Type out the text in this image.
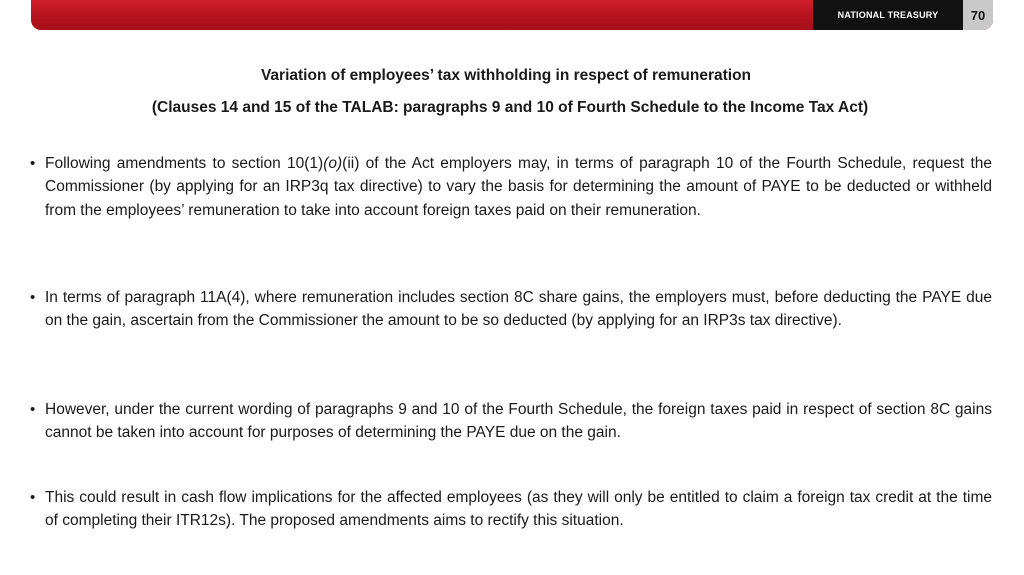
NATIONAL TREASURY	70
Variation of employees’ tax withholding in respect of remuneration
(Clauses 14 and 15 of the TALAB: paragraphs 9 and 10 of Fourth Schedule to the Income Tax Act)
• Following amendments to section 10(1)(o)(ii) of the Act employers may, in terms of paragraph 10 of the Fourth Schedule, request the Commissioner (by applying for an IRP3q tax directive) to vary the basis for determining the amount of PAYE to be deducted or withheld from the employees’ remuneration to take into account foreign taxes paid on their remuneration.
• In terms of paragraph 11A(4), where remuneration includes section 8C share gains, the employers must, before deducting the PAYE due on the gain, ascertain from the Commissioner the amount to be so deducted (by applying for an IRP3s tax directive).
• However, under the current wording of paragraphs 9 and 10 of the Fourth Schedule, the foreign taxes paid in respect of section 8C gains cannot be taken into account for purposes of determining the PAYE due on the gain.
• This could result in cash flow implications for the affected employees (as they will only be entitled to claim a foreign tax credit at the time of completing their ITR12s). The proposed amendments aims to rectify this situation.
